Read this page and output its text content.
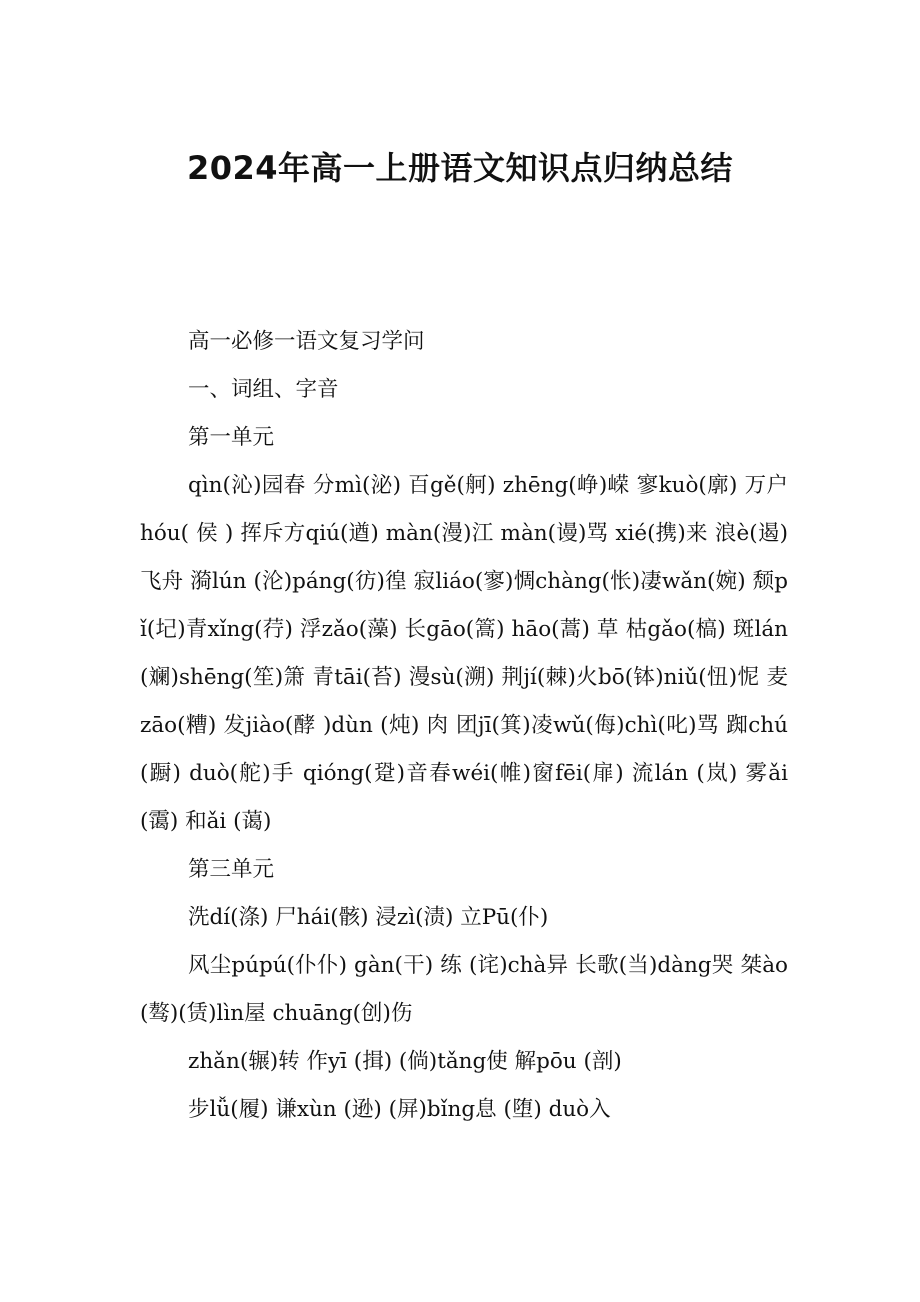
2024年高一上册语文知识点归纳总结

高一必修一语文复习学问

一、词组、字音

第一单元

qìn(沁)园春 分mì(泌) 百gě(舸) zhēng(峥)嵘 寥kuò(廓) 万户hóu( 侯 ) 挥斥方qiú(遒) màn(漫)江 màn(谩)骂 xié(携)来 浪è(遏)飞舟 漪lún (沦)páng(彷)徨 寂liáo(寥)惆chàng(怅)凄wǎn(婉) 颓pǐ(圮)青xǐng(荇) 浮zǎo(藻) 长gāo(篙) hāo(蒿) 草 枯gǎo(槁) 斑lán(斓)shēng(笙)箫 青tāi(苔) 漫sù(溯) 荆jí(棘)火bō(钵)niǔ(忸)怩 麦zāo(糟) 发jiào(酵 )dùn (炖) 肉 团jī(箕)凌wǔ(侮)chì(叱)骂 踟chú(蹰) duò(舵)手 qióng(跫)音春wéi(帷)窗fēi(扉) 流lán (岚) 雾ǎi(霭) 和ǎi (蔼)

第三单元

洗dí(涤) 尸hái(骸) 浸zì(渍) 立Pū(仆)

风尘púpú(仆仆) gàn(干) 练 (诧)chà异 长歌(当)dàng哭 桀ào (骜)(赁)lìn屋 chuāng(创)伤

zhǎn(辗)转 作yī (揖) (倘)tǎng使 解pōu (剖)

步lǚ(履) 谦xùn (逊) (屏)bǐng息 (堕) duò入
